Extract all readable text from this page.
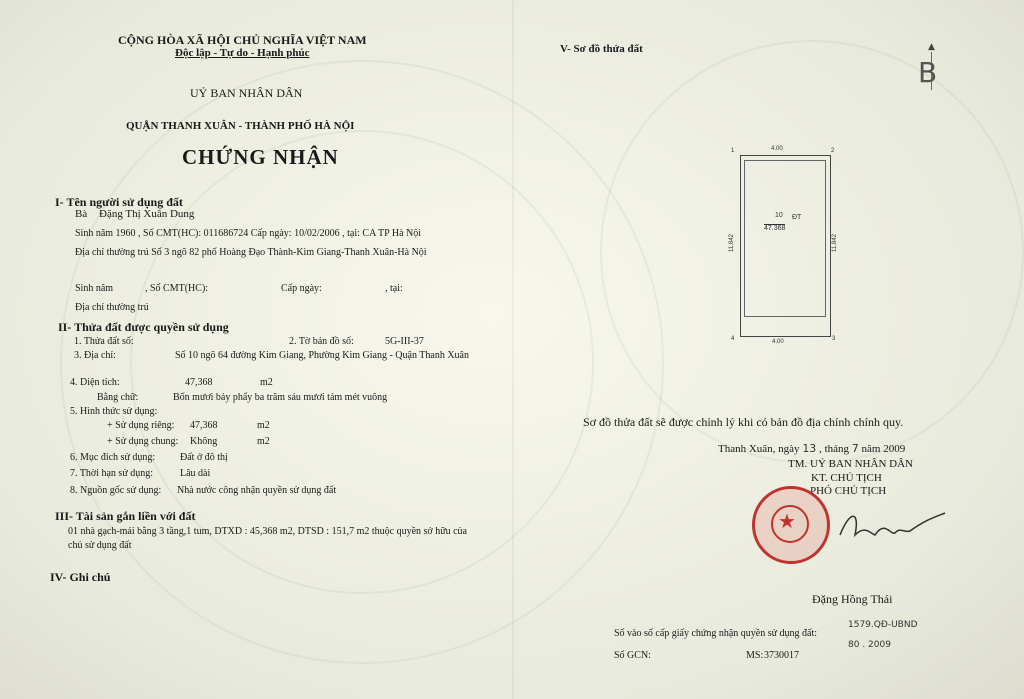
CỘNG HÒA XÃ HỘI CHỦ NGHĨA VIỆT NAM
Độc lập - Tự do - Hạnh phúc
UỶ BAN NHÂN DÂN
QUẬN THANH XUÂN - THÀNH PHỐ HÀ NỘI
CHỨNG NHẬN
I- Tên người sử dụng đất
Bà Đặng Thị Xuân Dung
Sinh năm 1960 , Số CMT(HC): 011686724 Cấp ngày: 10/02/2006 , tại: CA TP Hà Nội
Địa chỉ thường trú Số 3 ngõ 82 phố Hoàng Đạo Thành-Kim Giang-Thanh Xuân-Hà Nội
Sinh năm	, Số CMT(HC):	Cấp ngày:	, tại:
Địa chỉ thường trú
II- Thửa đất được quyền sử dụng
1. Thửa đất số:	2. Tờ bản đồ số:	5G-III-37
3. Địa chỉ:	Số 10 ngõ 64 đường Kim Giang, Phường Kim Giang - Quận Thanh Xuân
4. Diện tích:	47,368	m2
Bằng chữ:	Bốn mươi bảy phẩy ba trăm sáu mươi tám mét vuông
5. Hình thức sử dụng:
+ Sử dụng riêng: 47,368	m2
+ Sử dụng chung: Không	m2
6. Mục đích sử dụng: Đất ở đô thị
7. Thời hạn sử dụng:	Lâu dài
8. Nguồn gốc sử dụng: Nhà nước công nhận quyền sử dụng đất
III- Tài sản gắn liền với đất
01 nhà gạch-mái bằng 3 tầng,1 tum, DTXD : 45,368 m2, DTSD : 151,7 m2 thuộc quyền sở hữu của
chủ sử dụng đất
IV- Ghi chú
V- Sơ đồ thửa đất	▲
B
1	2
3
4
4.00
4.00
11.842	11.842
10 ĐT
47.368
Sơ đồ thửa đất sẽ được chỉnh lý khi có bản đồ địa chính chính quy.
Thanh Xuân, ngày 13 , tháng 7 năm 2009
TM. UỶ BAN NHÂN DÂN
KT. CHỦ TỊCH
PHÓ CHỦ TỊCH
★
Đặng Hồng Thái
Số vào sổ cấp giấy chứng nhận quyền sử dụng đất:
1579.QĐ-UBND
80 . 2009
Số GCN:	MS: 3730017
